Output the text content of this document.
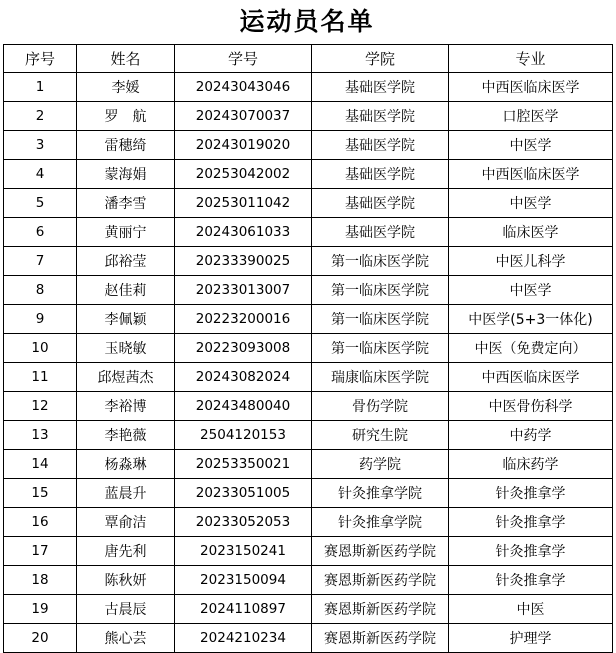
运动员名单
序号	姓名	学号	学院	专业
1	李媛	20243043046	基础医学院	中西医临床医学
2	罗　航	20243070037	基础医学院	口腔医学
3	雷穗绮	20243019020	基础医学院	中医学
4	蒙海娟	20253042002	基础医学院	中西医临床医学
5	潘李雪	20253011042	基础医学院	中医学
6	黄丽宁	20243061033	基础医学院	临床医学
7	邱裕莹	20233390025	第一临床医学院	中医儿科学
8	赵佳莉	20233013007	第一临床医学院	中医学
9	李佩颖	20223200016	第一临床医学院	中医学(5+3一体化)
10	玉晓敏	20223093008	第一临床医学院	中医（免费定向）
11	邱煜茜杰	20243082024	瑞康临床医学院	中西医临床医学
12	李裕博	20243480040	骨伤学院	中医骨伤科学
13	李艳薇	2504120153	研究生院	中药学
14	杨淼琳	20253350021	药学院	临床药学
15	蓝晨升	20233051005	针灸推拿学院	针灸推拿学
16	覃俞洁	20233052053	针灸推拿学院	针灸推拿学
17	唐先利	2023150241	赛恩斯新医药学院	针灸推拿学
18	陈秋妍	2023150094	赛恩斯新医药学院	针灸推拿学
19	古晨辰	2024110897	赛恩斯新医药学院	中医
20	熊心芸	2024210234	赛恩斯新医药学院	护理学
